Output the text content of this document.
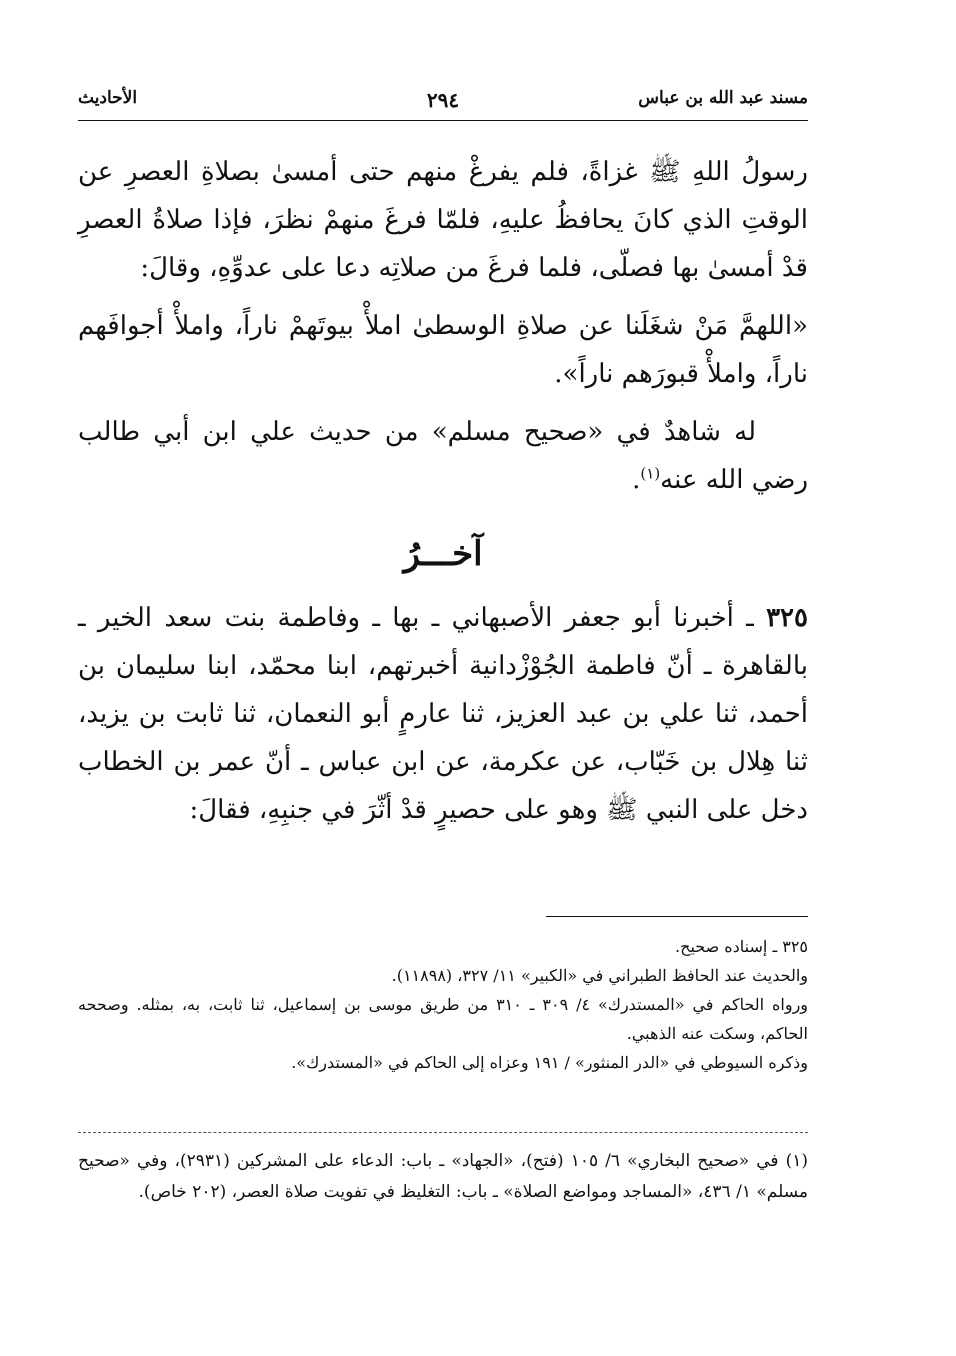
مسند عبد الله بن عباس
٢٩٤
الأحاديث

رسولُ اللهِ ﷺ غزاةً، فلم يفرغْ منهم حتى أمسىٰ بصلاةِ العصرِ عن الوقتِ الذي كانَ يحافظُ عليهِ، فلمّا فرغَ منهمْ نظرَ، فإذا صلاةُ العصرِ قدْ أمسىٰ بها فصلّى، فلما فرغَ من صلاتِه دعا على عدوِّهِ، وقالَ:

«اللهمَّ مَنْ شغَلَنا عن صلاةِ الوسطىٰ املأْ بيوتَهمْ ناراً، واملأْ أجوافَهم ناراً، واملأْ قبورَهم ناراً».

له شاهدٌ في «صحيح مسلم» من حديث علي ابن أبي طالب رضي الله عنه$^{(١)}$.

آخـــرُ

٣٢٥ ـ أخبرنا أبو جعفر الأصبهاني ـ بها ـ وفاطمة بنت سعد الخير ـ بالقاهرة ـ أنّ فاطمة الجُوْزْدانية أخبرتهم، ابنا محمّد، ابنا سليمان بن أحمد، ثنا علي بن عبد العزيز، ثنا عارمٍ أبو النعمان، ثنا ثابت بن يزيد، ثنا هِلال بن خَبّاب، عن عكرمة، عن ابن عباس ـ أنّ عمر بن الخطاب دخل على النبي ﷺ وهو على حصيرٍ قدْ أثّرَ في جنبِهِ، فقالَ:

٣٢٥ ـ إسناده صحيح.

والحديث عند الحافظ الطبراني في «الكبير» ١١/ ٣٢٧، (١١٨٩٨).

ورواه الحاكم في «المستدرك» ٤/ ٣٠٩ ـ ٣١٠ من طريق موسى بن إسماعيل، ثنا ثابت، به، بمثله. وصححه الحاكم، وسكت عنه الذهبي.

وذكره السيوطي في «الدر المنثور» / ١٩١ وعزاه إلى الحاكم في «المستدرك».

(١) في «صحيح البخاري» ٦/ ١٠٥ (فتح)، «الجهاد» ـ باب: الدعاء على المشركين (٢٩٣١)، وفي «صحيح مسلم» ١/ ٤٣٦، «المساجد ومواضع الصلاة» ـ باب: التغليظ في تفويت صلاة العصر، (٢٠٢ خاص).
